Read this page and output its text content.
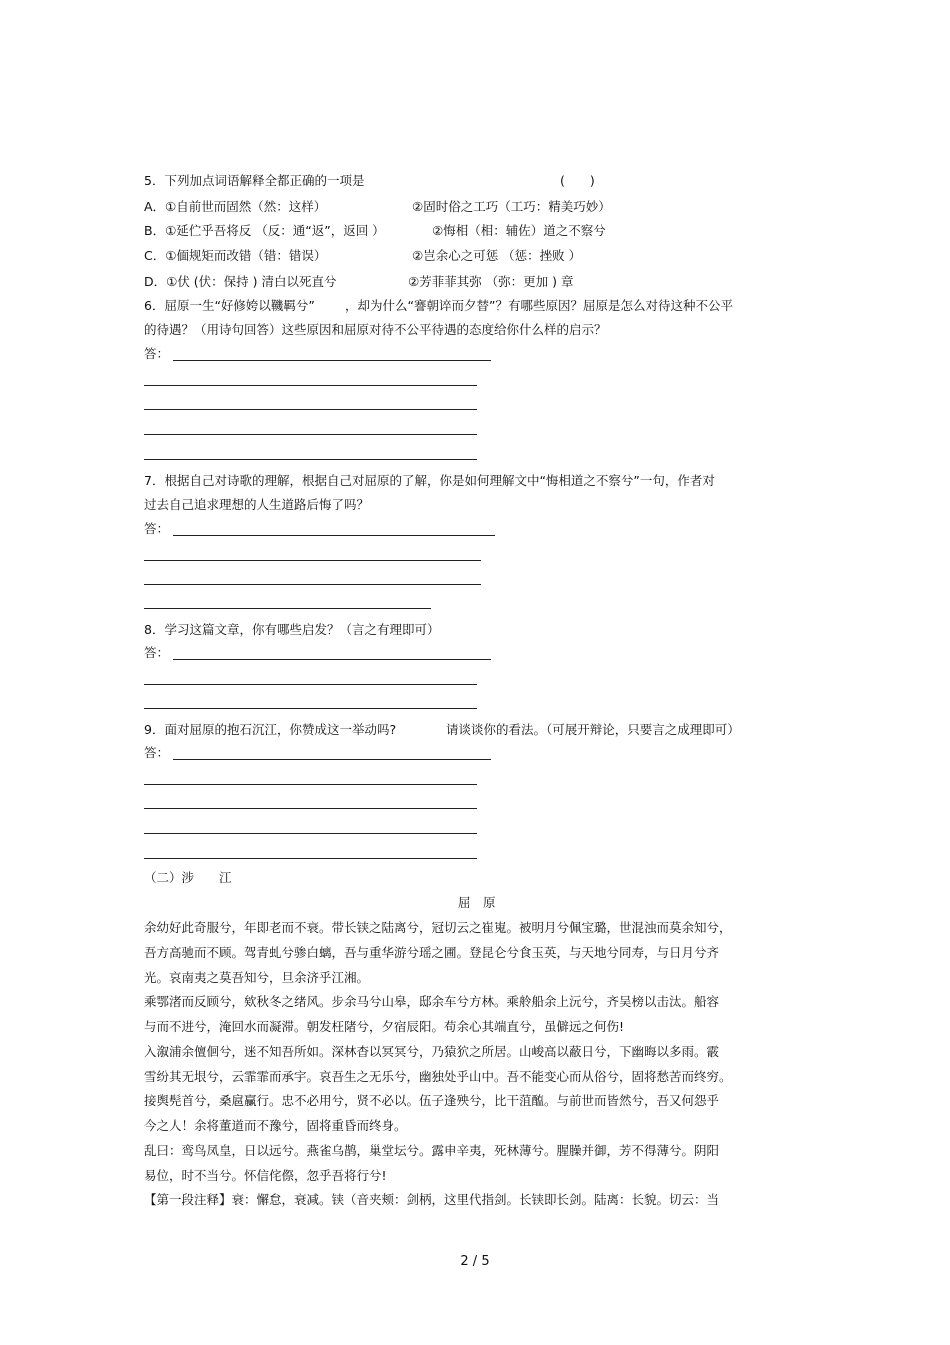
5．下列加点词语解释全都正确的一项是	(　　)
A．①自前世而固然（然：这样）	②固时俗之工巧（工巧：精美巧妙）
B．①延伫乎吾将反 （反：通“返”，返回 ）	②悔相（相：辅佐）道之不察兮
C．①偭规矩而改错（错：错误）	②岂余心之可惩 （惩：挫败 ）
D．①伏 (伏：保持 ) 清白以死直兮	②芳菲菲其弥 （弥：更加 ) 章
6．屈原一生“好修姱以鞿羁兮” ，却为什么“謇朝谇而夕替”？有哪些原因？屈原是怎么对待这种不公平
的待遇？（用诗句回答）这些原因和屈原对待不公平待遇的态度给你什么样的启示？
答：
7．根据自己对诗歌的理解，根据自己对屈原的了解，你是如何理解文中“悔相道之不察兮”一句，作者对
过去自己追求理想的人生道路后悔了吗？
答：
8．学习这篇文章，你有哪些启发？（言之有理即可）
答：
9．面对屈原的抱石沉江，你赞成这一举动吗?	请谈谈你的看法。（可展开辩论，只要言之成理即可）
答：
（二）涉　　江
屈　原
余幼好此奇服兮，年即老而不衰。带长铗之陆离兮，冠切云之崔嵬。被明月兮佩宝璐，世混浊而莫余知兮，
吾方高驰而不顾。驾青虬兮骖白螭，吾与重华游兮瑶之圃。登昆仑兮食玉英，与天地兮同寿，与日月兮齐
光。哀南夷之莫吾知兮，旦余济乎江湘。
乘鄂渚而反顾兮，欸秋冬之绪风。步余马兮山皋，邸余车兮方林。乘舲船余上沅兮，齐吴榜以击汰。船容
与而不进兮，淹回水而凝滞。朝发枉陼兮，夕宿辰阳。苟余心其端直兮，虽僻远之何伤!
入溆浦余儃佪兮，迷不知吾所如。深林杳以冥冥兮，乃猿狖之所居。山峻高以蔽日兮，下幽晦以多雨。霰
雪纷其无垠兮，云霏霏而承宇。哀吾生之无乐兮，幽独处乎山中。吾不能变心而从俗兮，固将愁苦而终穷。
接舆髡首兮，桑扈臝行。忠不必用兮，贤不必以。伍子逢殃兮，比干菹醢。与前世而皆然兮，吾又何怨乎
今之人！余将董道而不豫兮，固将重昏而终身。
乱曰：鸾鸟凤皇，日以远兮。燕雀乌鹊，巢堂坛兮。露申辛夷，死林薄兮。腥臊并御，芳不得薄兮。阴阳
易位，时不当兮。怀信侘傺，忽乎吾将行兮!
【第一段注释】衰：懈怠，衰减。铗（音夹颊：剑柄，这里代指剑。长铗即长剑。陆离：长貌。切云：当
2 / 5
